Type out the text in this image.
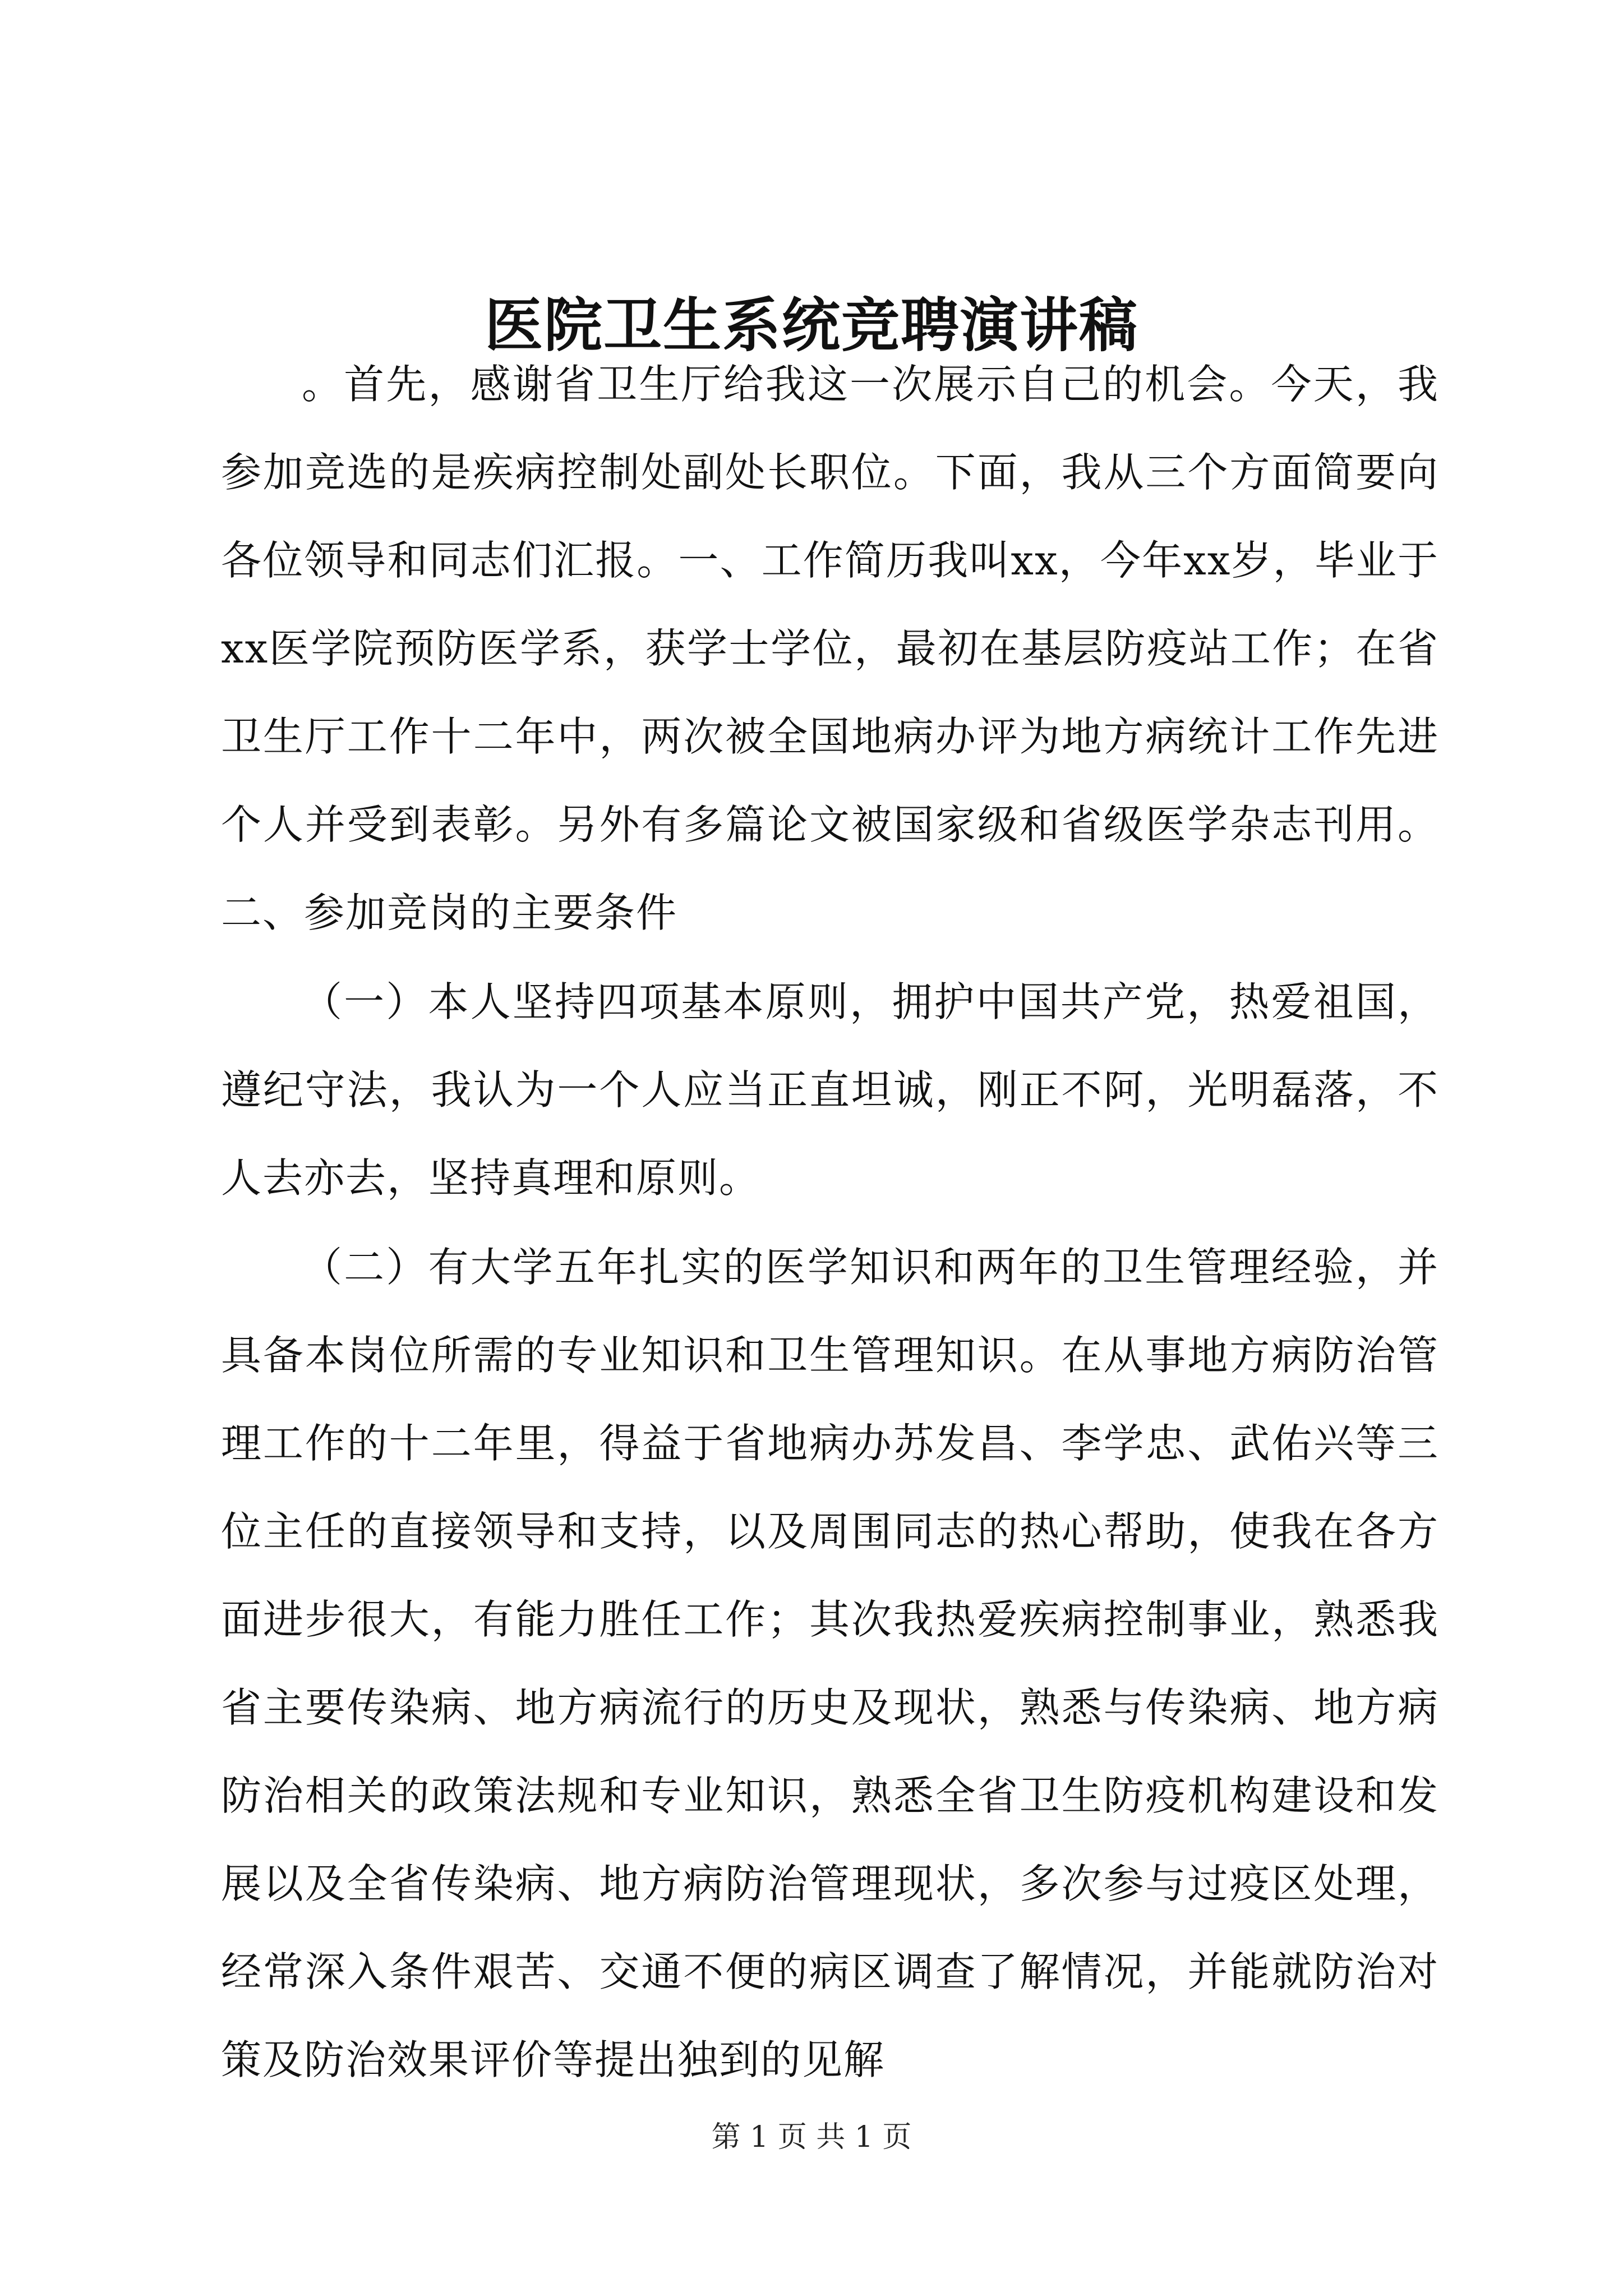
医院卫生系统竞聘演讲稿

。首先，感谢省卫生厅给我这一次展示自己的机会。今天，我参加竞选的是疾病控制处副处长职位。下面，我从三个方面简要向各位领导和同志们汇报。一、工作简历我叫xx，今年xx岁，毕业于xx医学院预防医学系，获学士学位，最初在基层防疫站工作；在省卫生厅工作十二年中，两次被全国地病办评为地方病统计工作先进个人并受到表彰。另外有多篇论文被国家级和省级医学杂志刊用。二、参加竞岗的主要条件

（一）本人坚持四项基本原则，拥护中国共产党，热爱祖国，遵纪守法，我认为一个人应当正直坦诚，刚正不阿，光明磊落，不人去亦去，坚持真理和原则。

（二）有大学五年扎实的医学知识和两年的卫生管理经验，并具备本岗位所需的专业知识和卫生管理知识。在从事地方病防治管理工作的十二年里，得益于省地病办苏发昌、李学忠、武佑兴等三位主任的直接领导和支持，以及周围同志的热心帮助，使我在各方面进步很大，有能力胜任工作；其次我热爱疾病控制事业，熟悉我省主要传染病、地方病流行的历史及现状，熟悉与传染病、地方病防治相关的政策法规和专业知识，熟悉全省卫生防疫机构建设和发展以及全省传染病、地方病防治管理现状，多次参与过疫区处理，经常深入条件艰苦、交通不便的病区调查了解情况，并能就防治对策及防治效果评价等提出独到的见解

第 1 页 共 1 页
